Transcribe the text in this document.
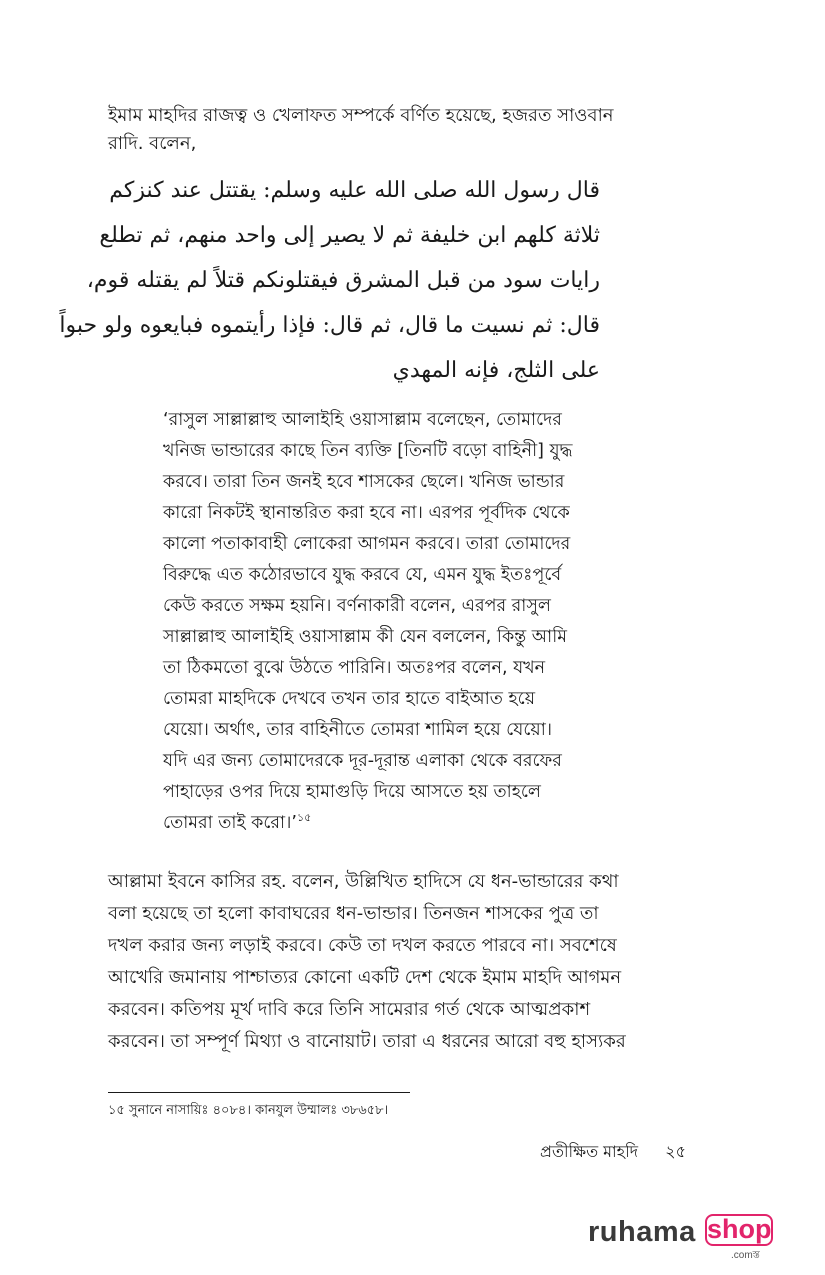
ইমাম মাহদির রাজত্ব ও খেলাফত সম্পর্কে বর্ণিত হয়েছে, হজরত সাওবান
রাদি. বলেন,

قال رسول الله صلى الله عليه وسلم: يقتتل عند كنزكم
ثلاثة كلهم ابن خليفة ثم لا يصير إلى واحد منهم، ثم تطلع
رايات سود من قبل المشرق فيقتلونكم قتلاً لم يقتله قوم،
قال: ثم نسيت ما قال، ثم قال: فإذا رأيتموه فبايعوه ولو حبواً
على الثلج، فإنه المهدي

‘রাসুল সাল্লাল্লাহু আলাইহি ওয়াসাল্লাম বলেছেন, তোমাদের
খনিজ ভান্ডারের কাছে তিন ব্যক্তি [তিনটি বড়ো বাহিনী] যুদ্ধ
করবে। তারা তিন জনই হবে শাসকের ছেলে। খনিজ ভান্ডার
কারো নিকটই স্থানান্তরিত করা হবে না। এরপর পূর্বদিক থেকে
কালো পতাকাবাহী লোকেরা আগমন করবে। তারা তোমাদের
বিরুদ্ধে এত কঠোরভাবে যুদ্ধ করবে যে, এমন যুদ্ধ ইতঃপূর্বে
কেউ করতে সক্ষম হয়নি। বর্ণনাকারী বলেন, এরপর রাসুল
সাল্লাল্লাহু আলাইহি ওয়াসাল্লাম কী যেন বললেন, কিন্তু আমি
তা ঠিকমতো বুঝে উঠতে পারিনি। অতঃপর বলেন, যখন
তোমরা মাহদিকে দেখবে তখন তার হাতে বাইআত হয়ে
যেয়ো। অর্থাৎ, তার বাহিনীতে তোমরা শামিল হয়ে যেয়ো।
যদি এর জন্য তোমাদেরকে দূর-দূরান্ত এলাকা থেকে বরফের
পাহাড়ের ওপর দিয়ে হামাগুড়ি দিয়ে আসতে হয় তাহলে
তোমরা তাই করো।’$^{১৫}$

আল্লামা ইবনে কাসির রহ. বলেন, উল্লিখিত হাদিসে যে ধন-ভান্ডারের কথা
বলা হয়েছে তা হলো কাবাঘরের ধন-ভান্ডার। তিনজন শাসকের পুত্র তা
দখল করার জন্য লড়াই করবে। কেউ তা দখল করতে পারবে না। সবশেষে
আখেরি জমানায় পাশ্চাত্যর কোনো একটি দেশ থেকে ইমাম মাহদি আগমন
করবেন। কতিপয় মূর্খ দাবি করে তিনি সামেরার গর্ত থেকে আত্মপ্রকাশ
করবেন। তা সম্পূর্ণ মিথ্যা ও বানোয়াট। তারা এ ধরনের আরো বহু হাস্যকর

১৫ সুনানে নাসায়িঃ ৪০৮৪। কানযুল উম্মালঃ ৩৮৬৫৮।

প্রতীক্ষিত মাহদি ২৫
ruhama shop
.comস্ত
